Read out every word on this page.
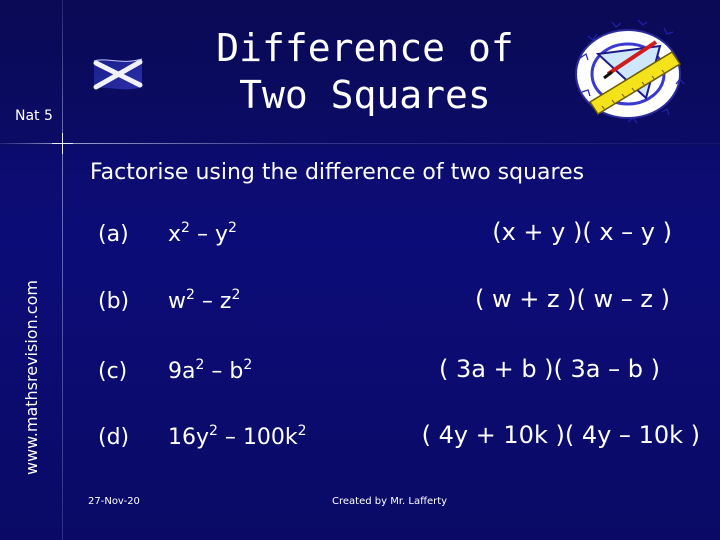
Nat 5
Difference of
Two Squares
www.mathsrevision.com
Factorise using the difference of two squares
(a) $x^2 - y^2$	(x + y )( x – y )
(b) $w^2 - z^2$	( w + z )( w – z )
(c) $9a^2 - b^2$	( 3a + b )( 3a – b )
(d) $16y^2 - 100k^2$	( 4y + 10k )( 4y – 10k )
27-Nov-20	Created by Mr. Lafferty
